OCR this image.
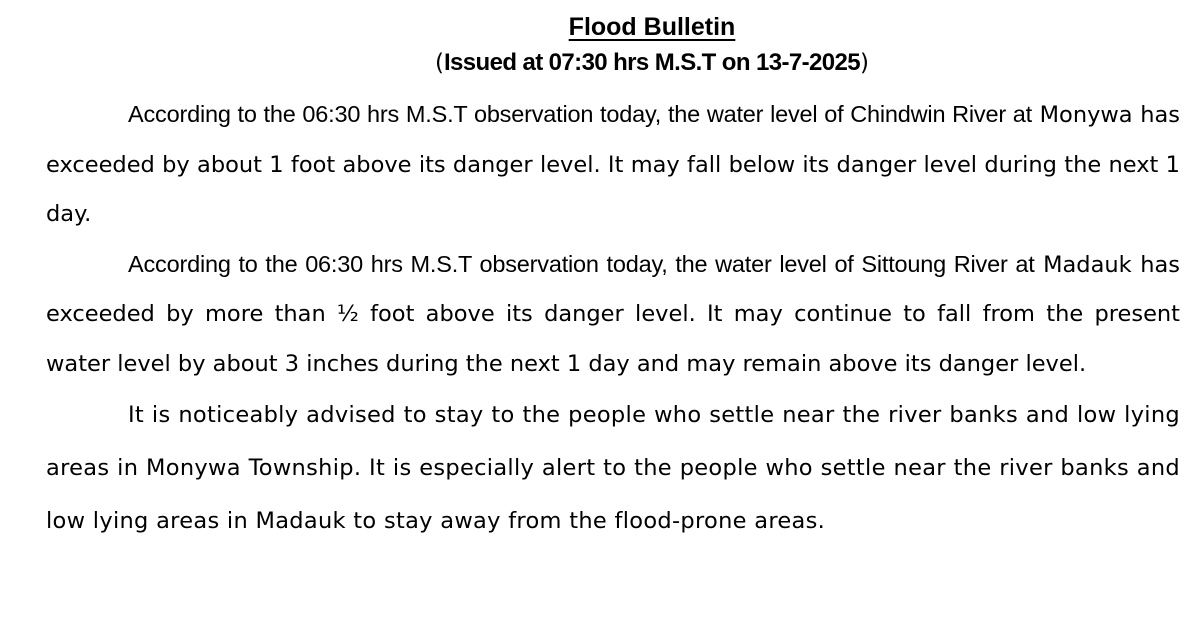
Flood Bulletin
(Issued at 07:30 hrs M.S.T on 13-7-2025)

According to the 06:30 hrs M.S.T observation today, the water level of Chindwin River at Monywa has exceeded by about 1 foot above its danger level. It may fall below its danger level during the next 1 day.

According to the 06:30 hrs M.S.T observation today, the water level of Sittoung River at Madauk has exceeded by more than ½ foot above its danger level. It may continue to fall from the present water level by about 3 inches during the next 1 day and may remain above its danger level.

It is noticeably advised to stay to the people who settle near the river banks and low lying areas in Monywa Township. It is especially alert to the people who settle near the river banks and low lying areas in Madauk to stay away from the flood-prone areas.
